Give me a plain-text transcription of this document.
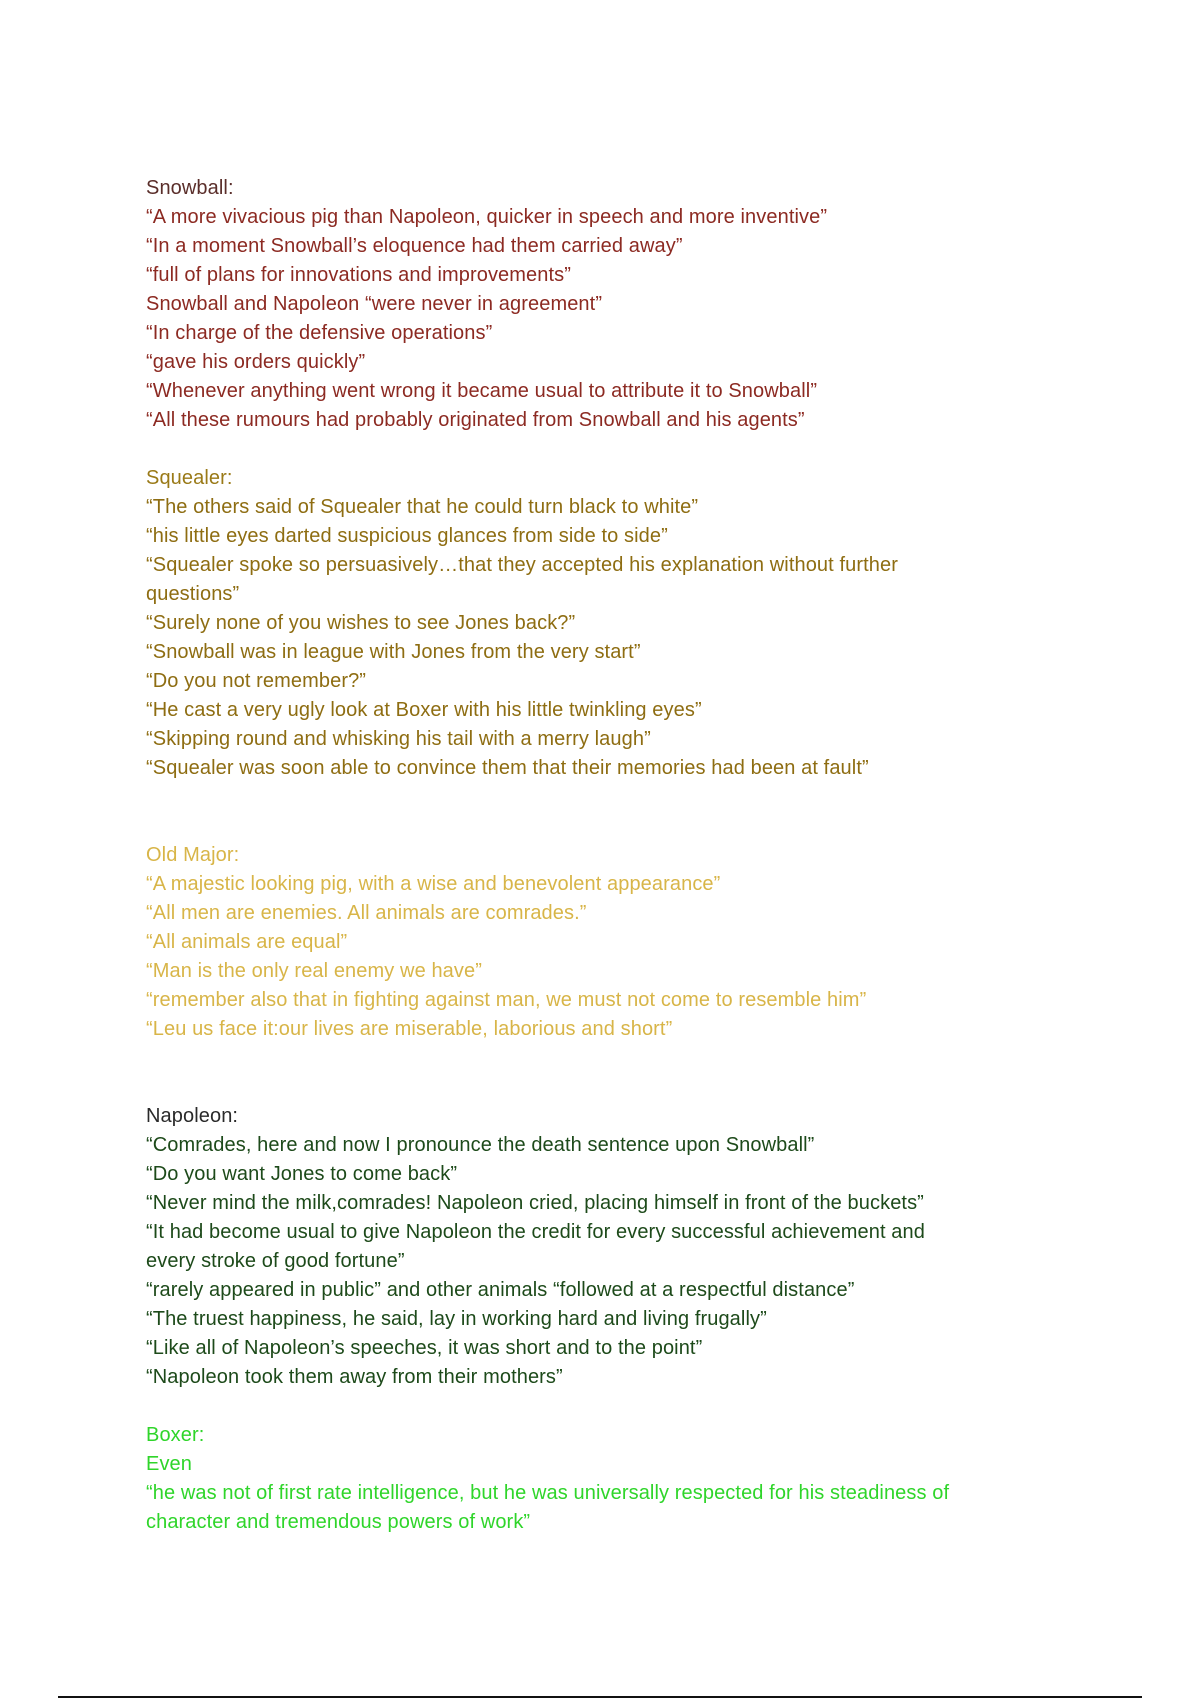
Snowball:

“A more vivacious pig than Napoleon, quicker in speech and more inventive”

“In a moment Snowball’s eloquence had them carried away”

“full of plans for innovations and improvements”

Snowball and Napoleon “were never in agreement”

“In charge of the defensive operations”

“gave his orders quickly”

“Whenever anything went wrong it became usual to attribute it to Snowball”

“All these rumours had probably originated from Snowball and his agents”

Squealer:

“The others said of Squealer that he could turn black to white”

“his little eyes darted suspicious glances from side to side”

“Squealer spoke so persuasively…that they accepted his explanation without further

questions”

“Surely none of you wishes to see Jones back?”

“Snowball was in league with Jones from the very start”

“Do you not remember?”

“He cast a very ugly look at Boxer with his little twinkling eyes”

“Skipping round and whisking his tail with a merry laugh”

“Squealer was soon able to convince them that their memories had been at fault”

Old Major:

“A majestic looking pig, with a wise and benevolent appearance”

“All men are enemies. All animals are comrades.”

“All animals are equal”

“Man is the only real enemy we have”

“remember also that in fighting against man, we must not come to resemble him”

“Leu us face it:our lives are miserable, laborious and short”

Napoleon:

“Comrades, here and now I pronounce the death sentence upon Snowball”

“Do you want Jones to come back”

“Never mind the milk,comrades! Napoleon cried, placing himself in front of the buckets”

“It had become usual to give Napoleon the credit for every successful achievement and

every stroke of good fortune”

“rarely appeared in public” and other animals “followed at a respectful distance”

“The truest happiness, he said, lay in working hard and living frugally”

“Like all of Napoleon’s speeches, it was short and to the point”

“Napoleon took them away from their mothers”

Boxer:

Even

“he was not of first rate intelligence, but he was universally respected for his steadiness of

character and tremendous powers of work”
